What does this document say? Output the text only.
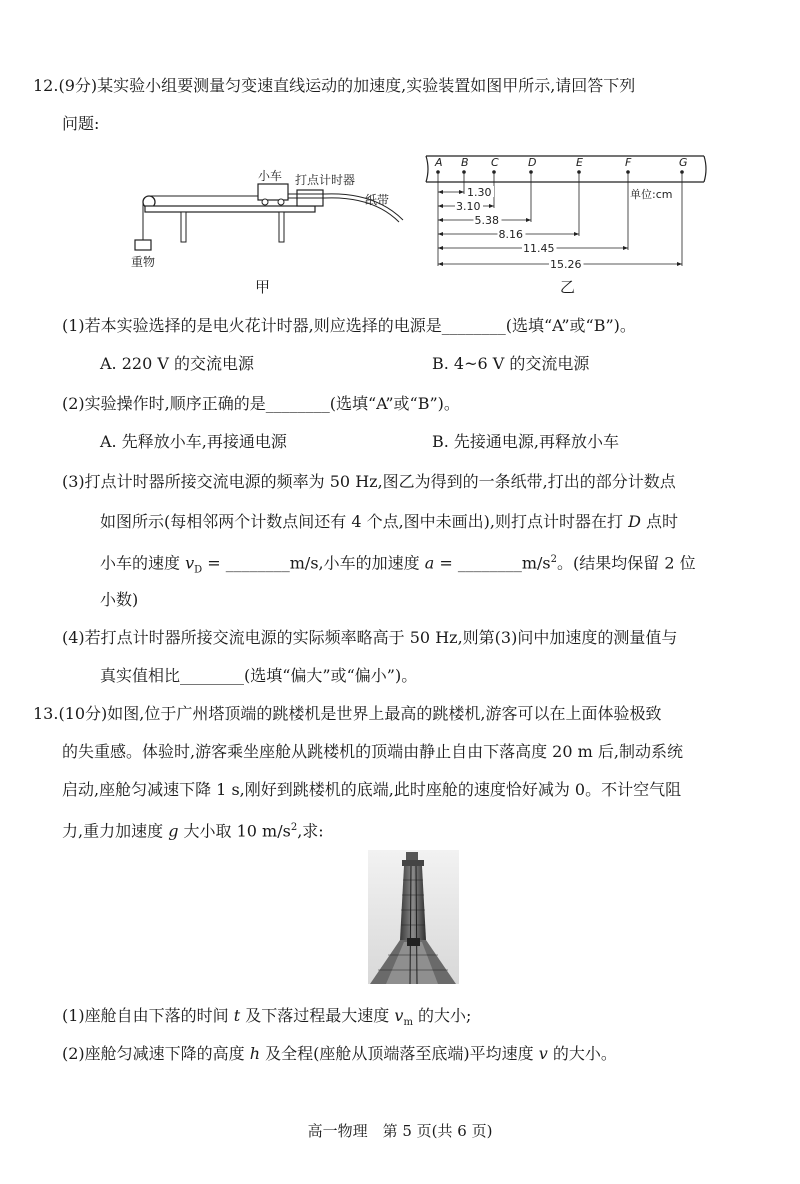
12.(9分)某实验小组要测量匀变速直线运动的加速度,实验装置如图甲所示,请回答下列
问题:
小车 打点计时器
纸带
重物
甲
A B C	D	E	F	G
1.30
3.10
5.38
8.16
11.45
15.26
单位:cm
乙
(1)若本实验选择的是电火花计时器,则应选择的电源是________(选填“A”或“B”)。
A. 220 V 的交流电源	B. 4~6 V 的交流电源
(2)实验操作时,顺序正确的是________(选填“A”或“B”)。
A. 先释放小车,再接通电源	B. 先接通电源,再释放小车
(3)打点计时器所接交流电源的频率为 50 Hz,图乙为得到的一条纸带,打出的部分计数点
如图所示(每相邻两个计数点间还有 4 个点,图中未画出),则打点计时器在打 D 点时
小车的速度 $v_D$ = ________m/s,小车的加速度 $a = \_\_\_\_\_\_\_\_m/s^2$。(结果均保留 2 位
小数)
(4)若打点计时器所接交流电源的实际频率略高于 50 Hz,则第(3)问中加速度的测量值与
真实值相比________(选填“偏大”或“偏小”)。
13.(10分)如图,位于广州塔顶端的跳楼机是世界上最高的跳楼机,游客可以在上面体验极致
的失重感。体验时,游客乘坐座舱从跳楼机的顶端由静止自由下落高度 20 m 后,制动系统
启动,座舱匀减速下降 1 s,刚好到跳楼机的底端,此时座舱的速度恰好减为 0。不计空气阻
力,重力加速度 g 大小取 10 $m/s^2$,求:
(1)座舱自由下落的时间 t 及下落过程最大速度 $v_m$ 的大小;
(2)座舱匀减速下降的高度 h 及全程(座舱从顶端落至底端)平均速度 v 的大小。
高一物理　第 5 页(共 6 页)
